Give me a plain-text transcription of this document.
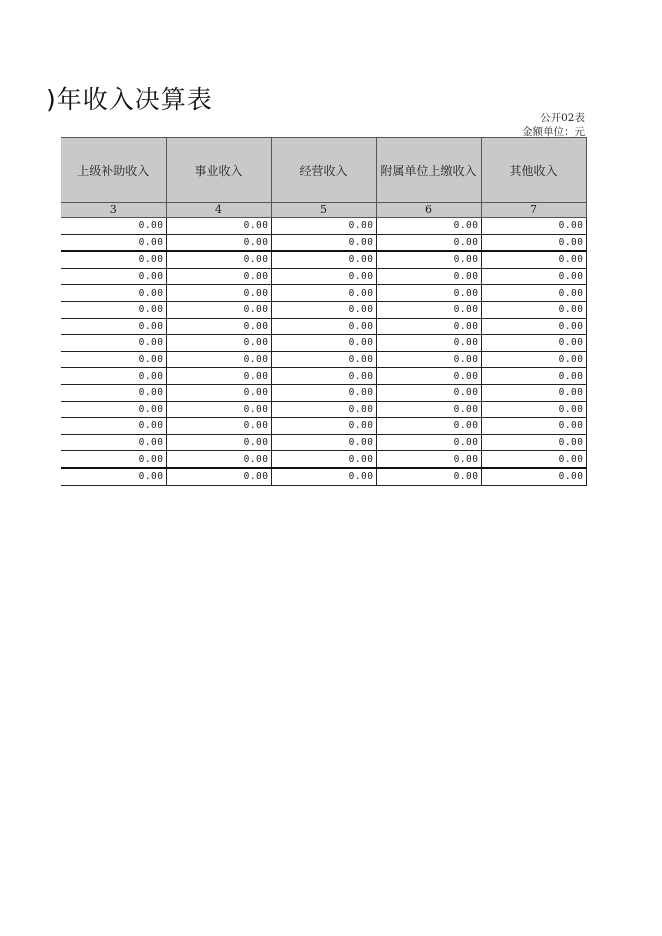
)年收入决算表
公开02表
金额单位：元
上级补助收入	事业收入	经营收入	附属单位上缴收入	其他收入
3	4	5	6	7
0.00	0.00	0.00	0.00	0.00
0.00	0.00	0.00	0.00	0.00
0.00	0.00	0.00	0.00	0.00
0.00	0.00	0.00	0.00	0.00
0.00	0.00	0.00	0.00	0.00
0.00	0.00	0.00	0.00	0.00
0.00	0.00	0.00	0.00	0.00
0.00	0.00	0.00	0.00	0.00
0.00	0.00	0.00	0.00	0.00
0.00	0.00	0.00	0.00	0.00
0.00	0.00	0.00	0.00	0.00
0.00	0.00	0.00	0.00	0.00
0.00	0.00	0.00	0.00	0.00
0.00	0.00	0.00	0.00	0.00
0.00	0.00	0.00	0.00	0.00
0.00	0.00	0.00	0.00	0.00
